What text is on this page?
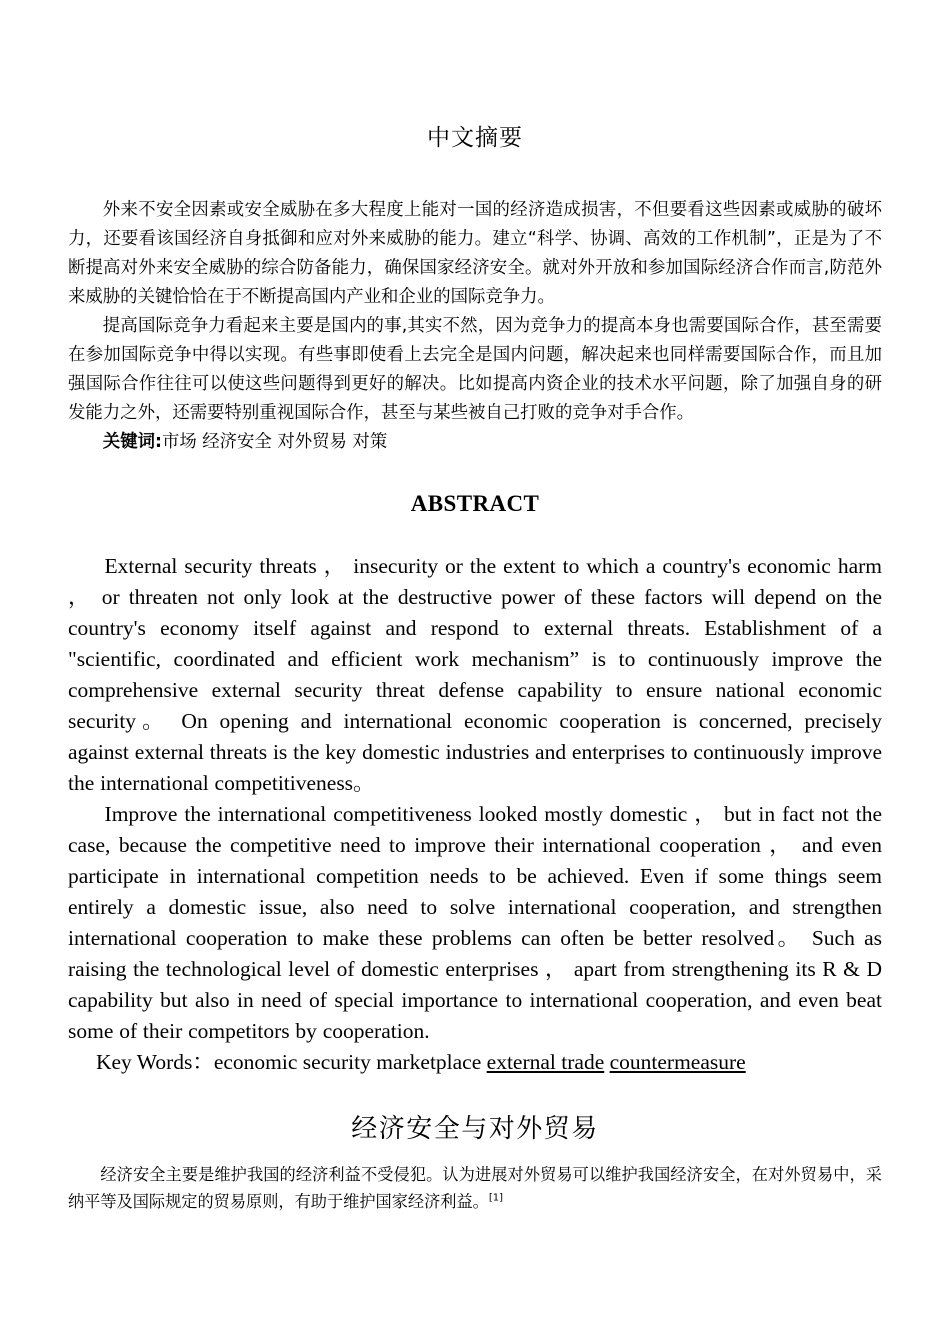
中文摘要

外来不安全因素或安全威胁在多大程度上能对一国的经济造成损害，不但要看这些因素或威胁的破坏力，还要看该国经济自身抵御和应对外来威胁的能力。建立“科学、协调、高效的工作机制”，正是为了不断提高对外来安全威胁的综合防备能力，确保国家经济安全。就对外开放和参加国际经济合作而言,防范外来威胁的关键恰恰在于不断提高国内产业和企业的国际竞争力。

提高国际竞争力看起来主要是国内的事,其实不然，因为竞争力的提高本身也需要国际合作，甚至需要在参加国际竞争中得以实现。有些事即使看上去完全是国内问题，解决起来也同样需要国际合作，而且加强国际合作往往可以使这些问题得到更好的解决。比如提高内资企业的技术水平问题，除了加强自身的研发能力之外，还需要特别重视国际合作，甚至与某些被自己打败的竞争对手合作。

关键词:市场 经济安全 对外贸易 对策

ABSTRACT

External security threats ， insecurity or the extent to which a country's economic harm ， or threaten not only look at the destructive power of these factors will depend on the country's economy itself against and respond to external threats. Establishment of a "scientific, coordinated and efficient work mechanism” is to continuously improve the comprehensive external security threat defense capability to ensure national economic security。 On opening and international economic cooperation is concerned, precisely against external threats is the key domestic industries and enterprises to continuously improve the international competitiveness。

Improve the international competitiveness looked mostly domestic ， but in fact not the case, because the competitive need to improve their international cooperation ， and even participate in international competition needs to be achieved. Even if some things seem entirely a domestic issue, also need to solve international cooperation, and strengthen international cooperation to make these problems can often be better resolved。 Such as raising the technological level of domestic enterprises ， apart from strengthening its R & D capability but also in need of special importance to international cooperation, and even beat some of their competitors by cooperation.

Key Words：economic security marketplace external trade countermeasure

经济安全与对外贸易

经济安全主要是维护我国的经济利益不受侵犯。认为进展对外贸易可以维护我国经济安全，在对外贸易中，采纳平等及国际规定的贸易原则，有助于维护国家经济利益。[1]
